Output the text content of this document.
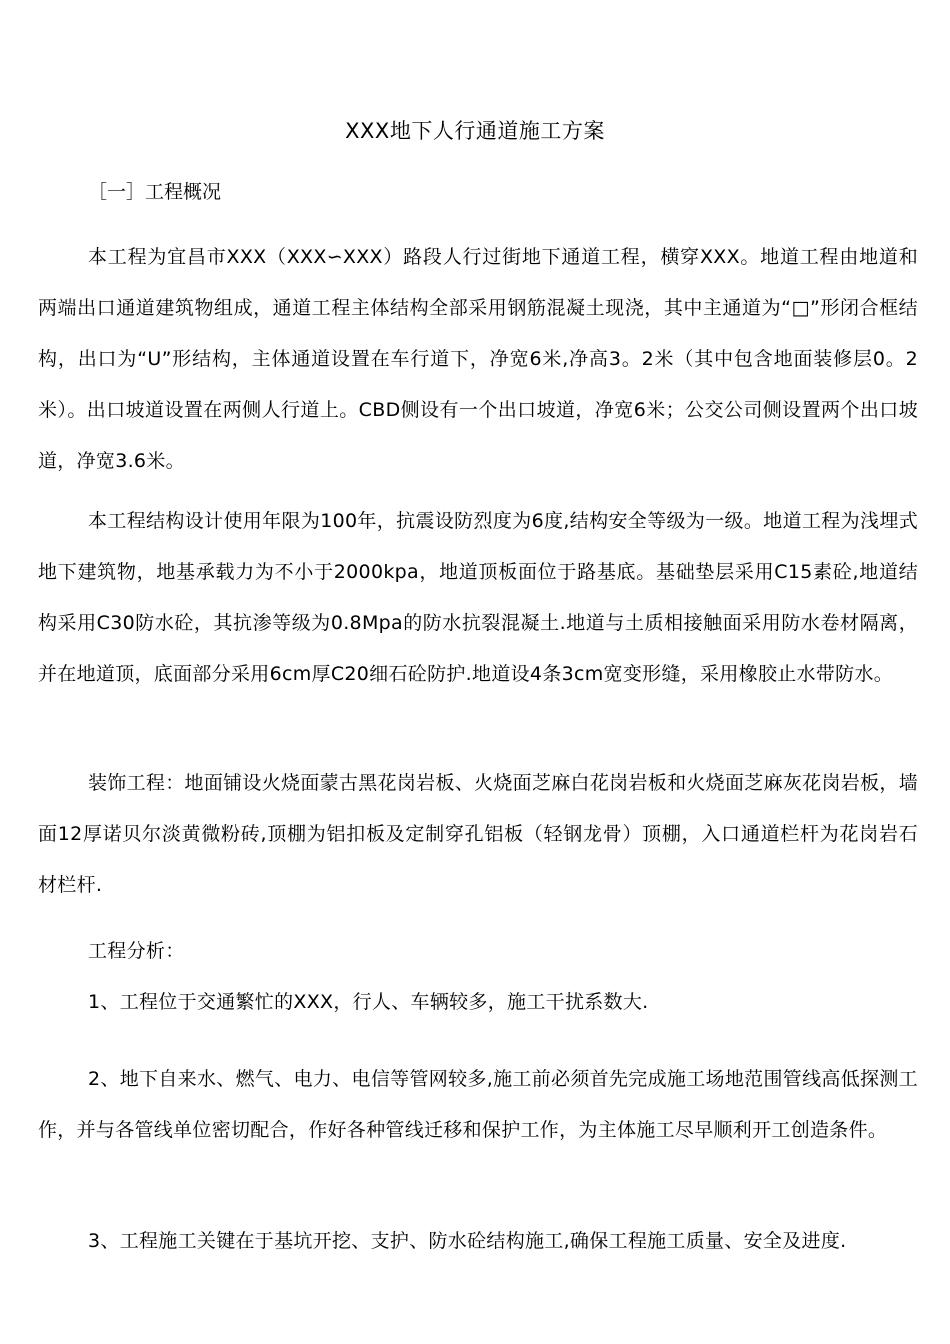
XXX地下人行通道施工方案
［一］工程概况

本工程为宜昌市XXX（XXX∽XXX）路段人行过街地下通道工程，横穿XXX。地道工程由地道和两端出口通道建筑物组成，通道工程主体结构全部采用钢筋混凝土现浇，其中主通道为“□”形闭合框结构，出口为“U”形结构，主体通道设置在车行道下，净宽6米,净高3。2米（其中包含地面装修层0。2米）。出口坡道设置在两侧人行道上。CBD侧设有一个出口坡道，净宽6米；公交公司侧设置两个出口坡道，净宽3.6米。

本工程结构设计使用年限为100年，抗震设防烈度为6度,结构安全等级为一级。地道工程为浅埋式地下建筑物，地基承载力为不小于2000kpa，地道顶板面位于路基底。基础垫层采用C15素砼,地道结构采用C30防水砼，其抗渗等级为0.8Mpa的防水抗裂混凝土.地道与土质相接触面采用防水卷材隔离，并在地道顶，底面部分采用6cm厚C20细石砼防护.地道设4条3cm宽变形缝，采用橡胶止水带防水。

装饰工程：地面铺设火烧面蒙古黑花岗岩板、火烧面芝麻白花岗岩板和火烧面芝麻灰花岗岩板，墙面12厚诺贝尔淡黄微粉砖,顶棚为铝扣板及定制穿孔铝板（轻钢龙骨）顶棚，入口通道栏杆为花岗岩石材栏杆.

工程分析：

1、工程位于交通繁忙的XXX，行人、车辆较多，施工干扰系数大.

2、地下自来水、燃气、电力、电信等管网较多,施工前必须首先完成施工场地范围管线高低探测工作，并与各管线单位密切配合，作好各种管线迁移和保护工作，为主体施工尽早顺利开工创造条件。

3、工程施工关键在于基坑开挖、支护、防水砼结构施工,确保工程施工质量、安全及进度.
